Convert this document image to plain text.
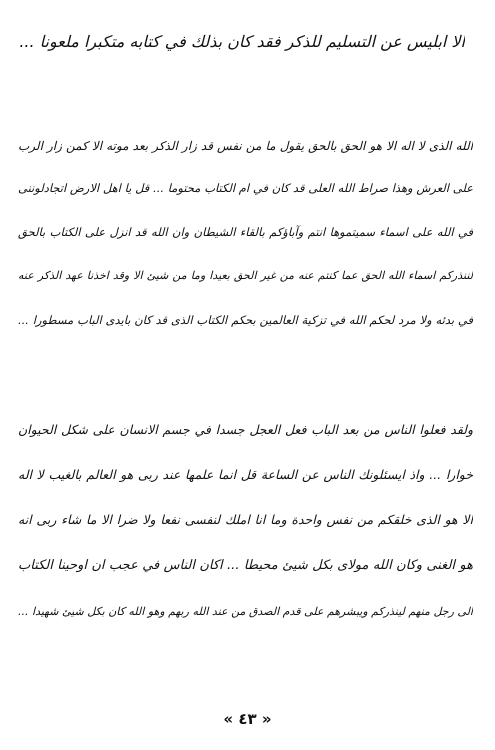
الا ابليس عن التسليم للذكر فقد كان بذلك في كتابه متكبرا ملعونا ...
الله الذى لا اله الا هو الحق بالحق يقول ما من نفس قد زار الذكر بعد موته الا كمن زار الرب
على العرش وهذا صراط الله العلى قد كان في ام الكتاب محتوما ... قل يا اهل الارض اتجادلوننى
في الله على اسماء سميتموها انتم وآباؤكم بالقاء الشيطان وان الله قد انزل على الكتاب بالحق
لننذركم اسماء الله الحق عما كنتم عنه من غير الحق بعيدا وما من شيئ الا وقد اخذنا عهد الذكر عنه
في بدئه ولا مرد لحكم الله في تزكية العالمين بحكم الكتاب الذى قد كان بايدى الباب مسطورا ...
ولقد فعلوا الناس من بعد الباب فعل العجل جسدا في جسم الانسان على شكل الحيوان
خوارا ... واذ ايسئلونك الناس عن الساعة قل انما علمها عند ربى هو العالم بالغيب لا اله
الا هو الذى خلقكم من نفس واحدة وما انا املك لنفسى نفعا ولا ضرا الا ما شاء ربى انه
هو الغنى وكان الله مولاى بكل شيئ محيطا ... اكان الناس في عجب ان اوحينا الكتاب
الى رجل منهم لينذركم ويبشرهم على قدم الصدق من عند الله ربهم وهو الله كان بكل شيئ شهيدا ...
« ٤٣ »
